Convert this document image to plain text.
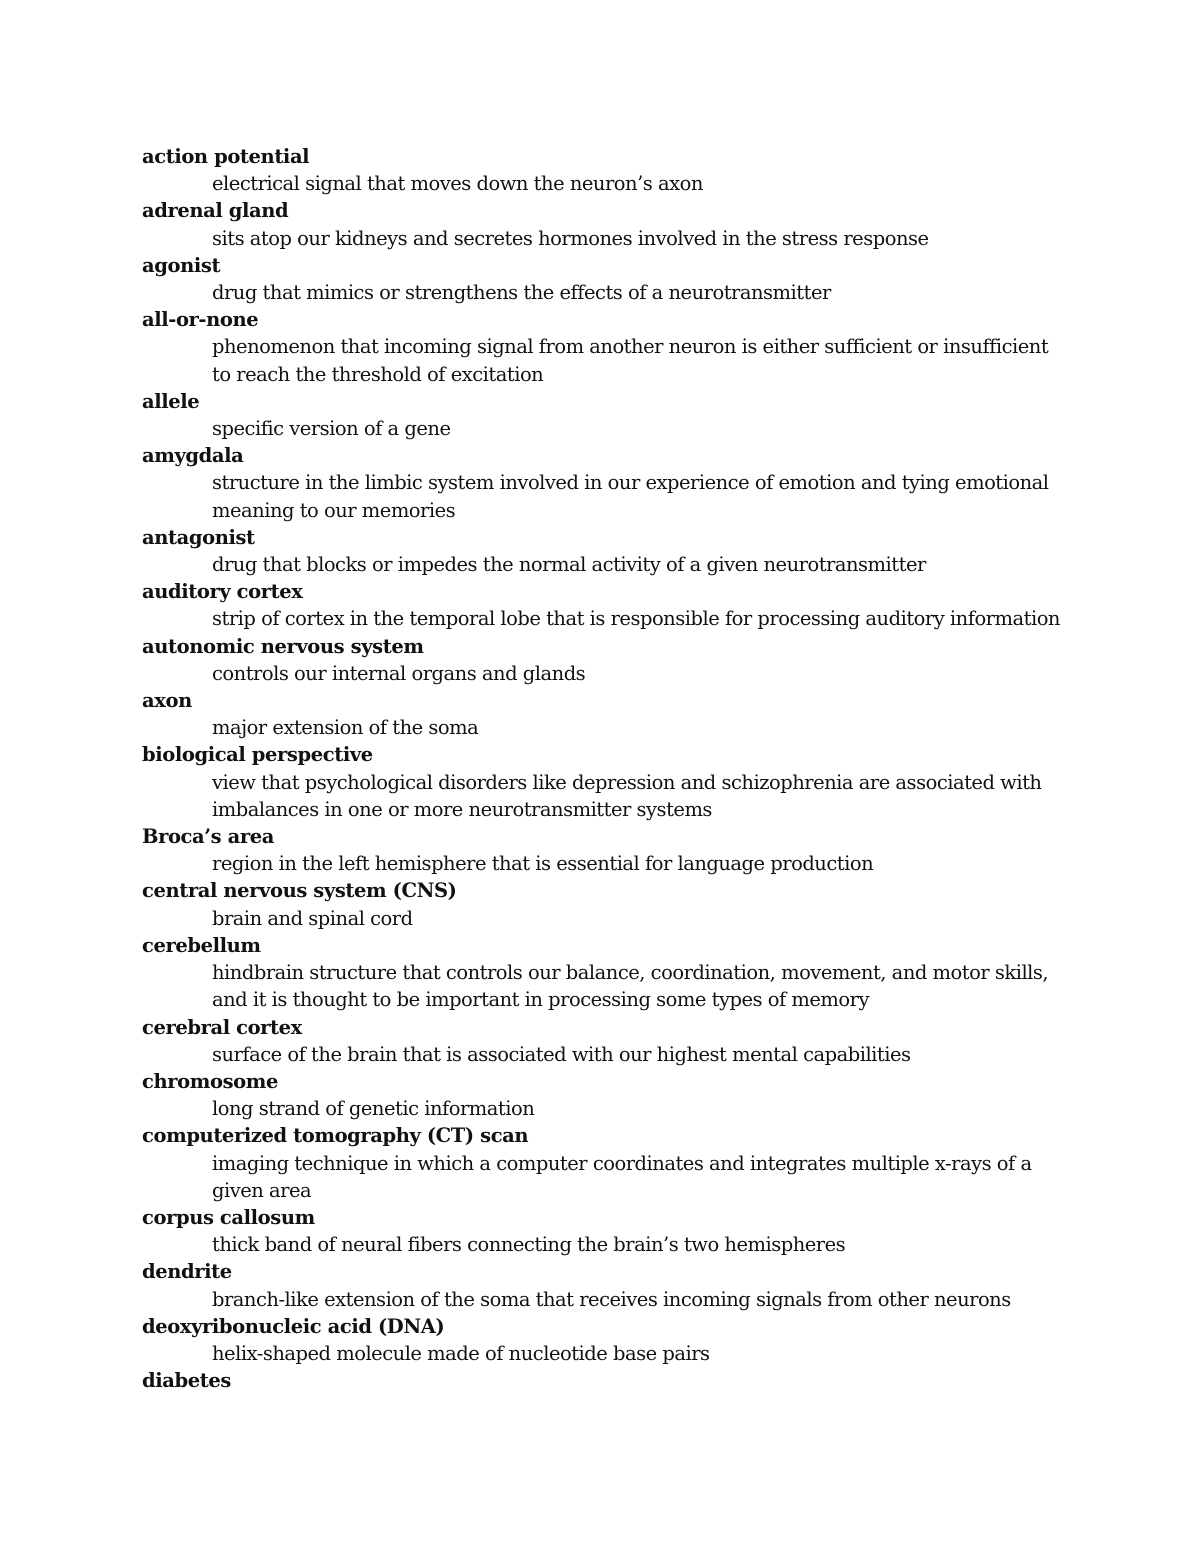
action potential
electrical signal that moves down the neuron’s axon
adrenal gland
sits atop our kidneys and secretes hormones involved in the stress response
agonist
drug that mimics or strengthens the effects of a neurotransmitter
all-or-none
phenomenon that incoming signal from another neuron is either sufficient or insufficient to reach the threshold of excitation
allele
specific version of a gene
amygdala
structure in the limbic system involved in our experience of emotion and tying emotional meaning to our memories
antagonist
drug that blocks or impedes the normal activity of a given neurotransmitter
auditory cortex
strip of cortex in the temporal lobe that is responsible for processing auditory information
autonomic nervous system
controls our internal organs and glands
axon
major extension of the soma
biological perspective
view that psychological disorders like depression and schizophrenia are associated with imbalances in one or more neurotransmitter systems
Broca’s area
region in the left hemisphere that is essential for language production
central nervous system (CNS)
brain and spinal cord
cerebellum
hindbrain structure that controls our balance, coordination, movement, and motor skills, and it is thought to be important in processing some types of memory
cerebral cortex
surface of the brain that is associated with our highest mental capabilities
chromosome
long strand of genetic information
computerized tomography (CT) scan
imaging technique in which a computer coordinates and integrates multiple x-rays of a given area
corpus callosum
thick band of neural fibers connecting the brain’s two hemispheres
dendrite
branch-like extension of the soma that receives incoming signals from other neurons
deoxyribonucleic acid (DNA)
helix-shaped molecule made of nucleotide base pairs
diabetes
